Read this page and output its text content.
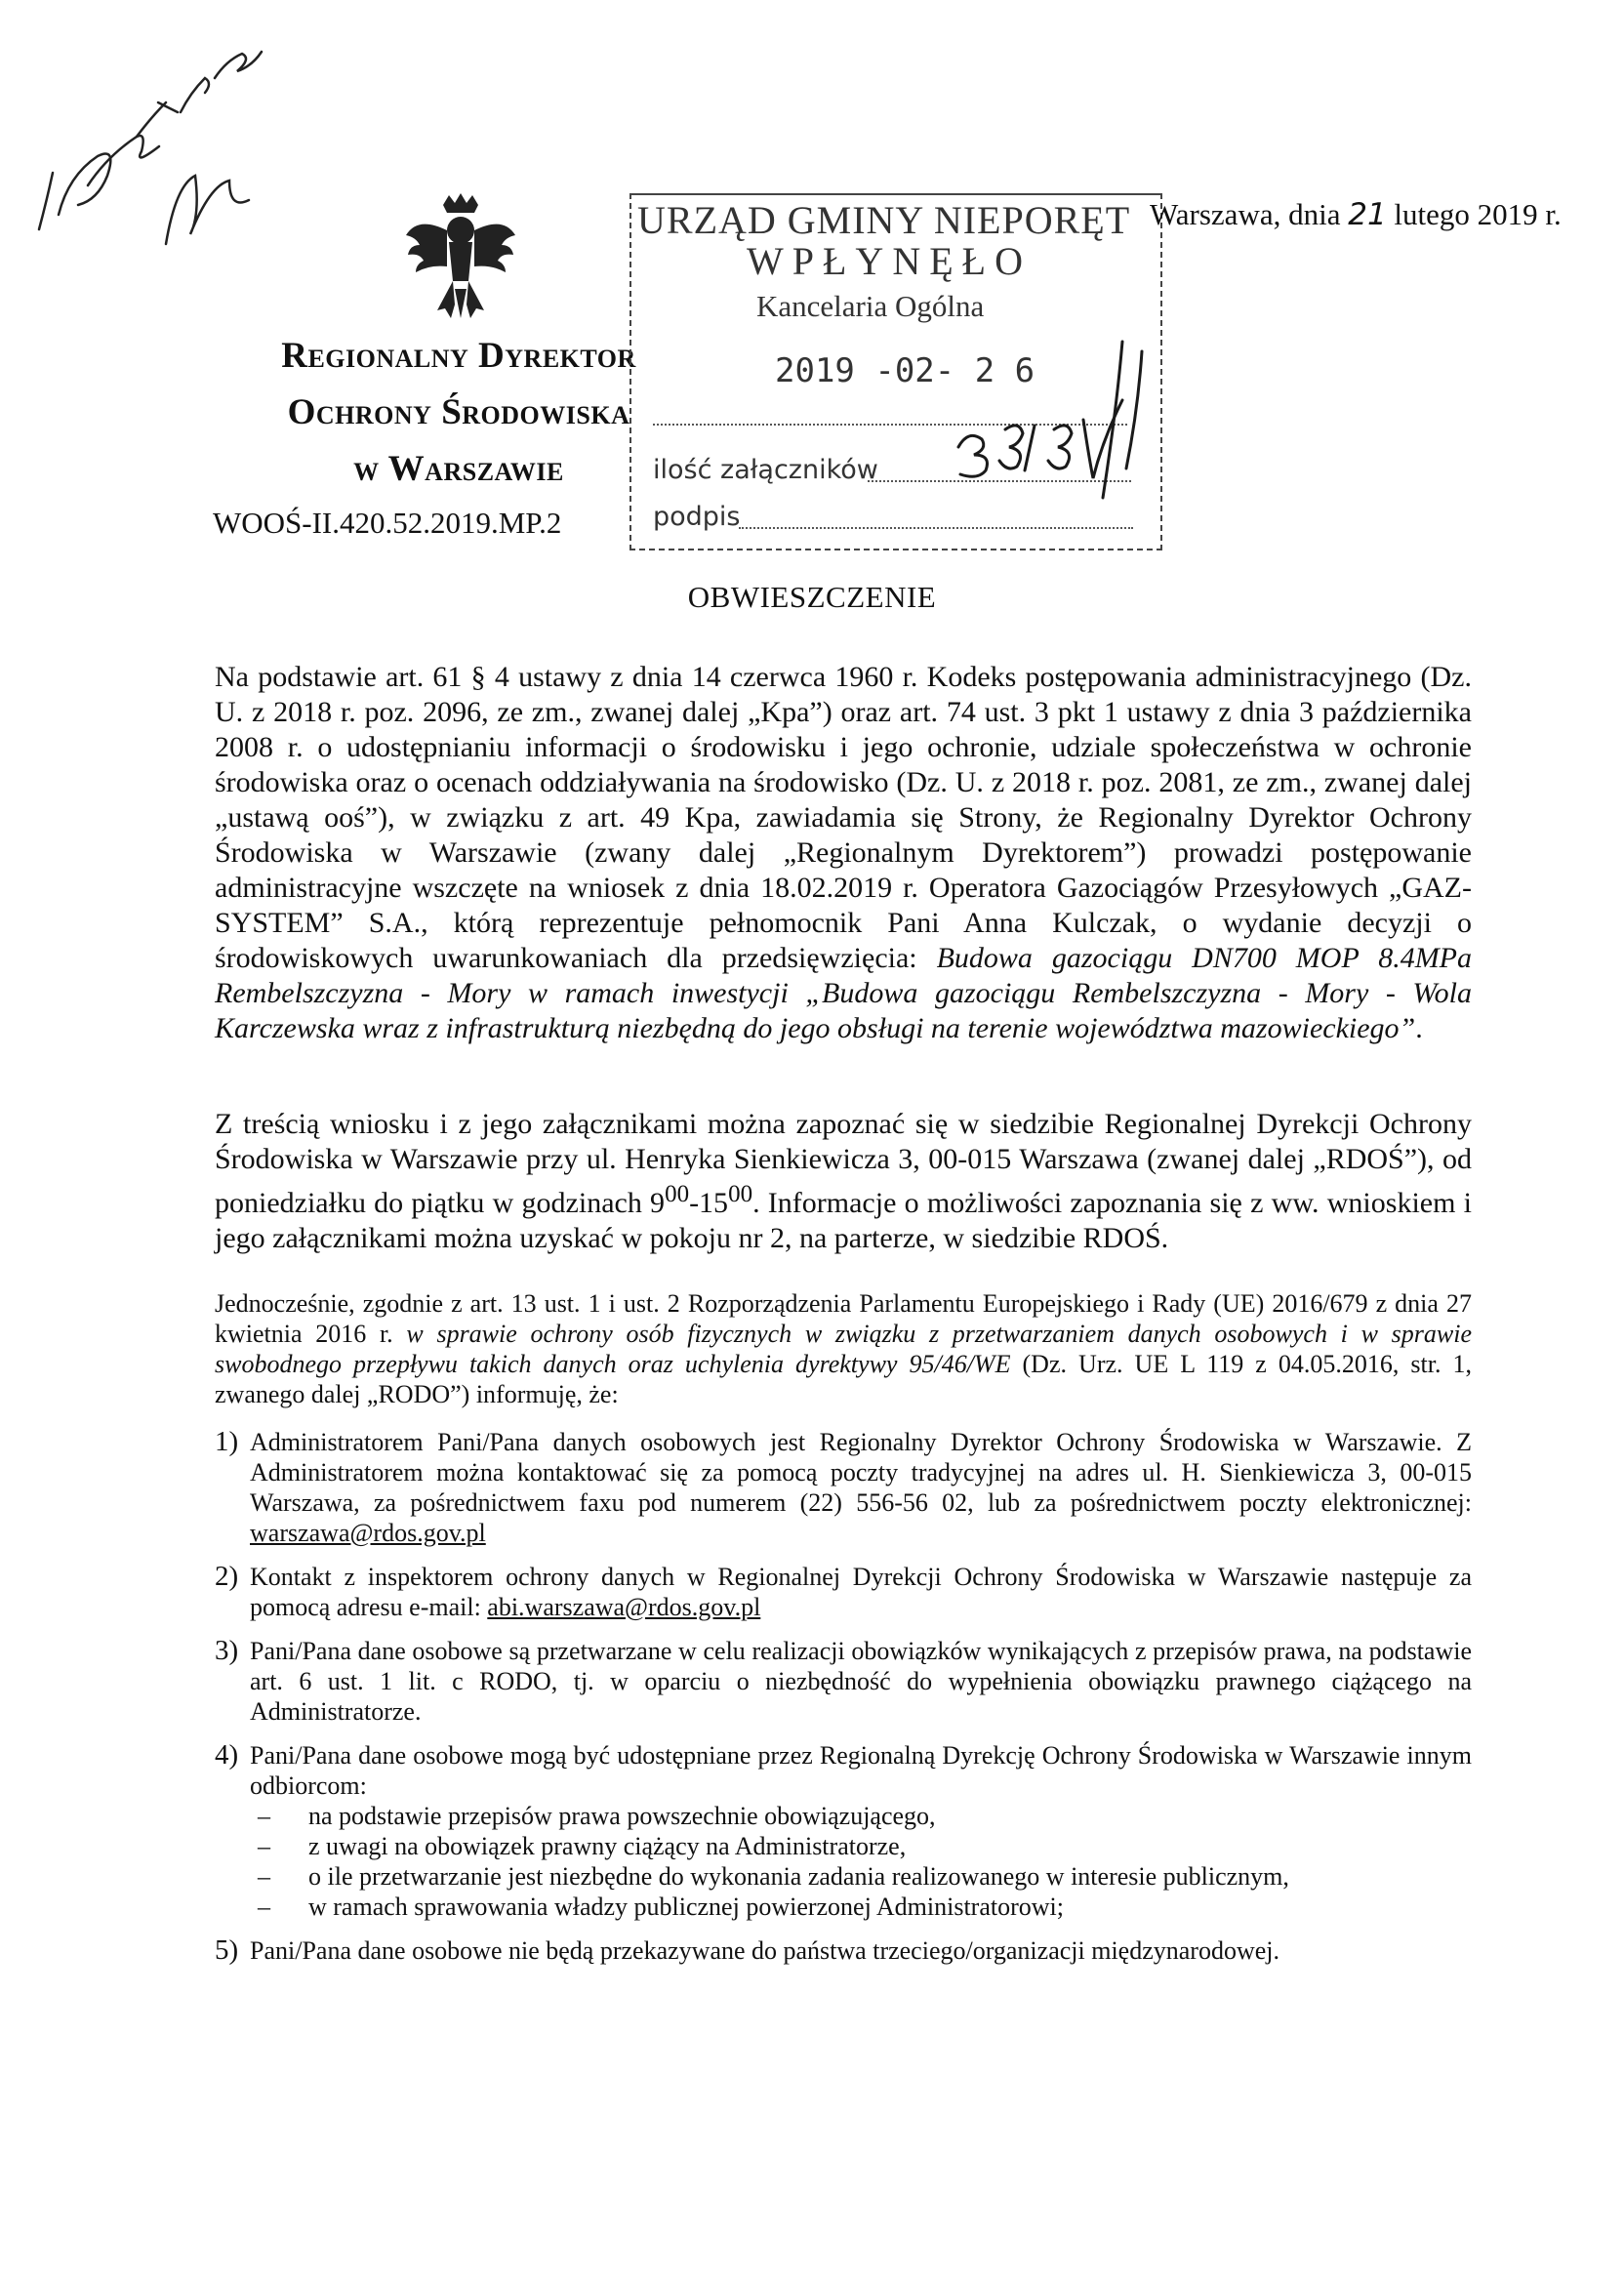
1. Dezydł + PI + GR
Regionalny Dyrektor
Ochrony Środowiska
w Warszawie
WOOŚ-II.420.52.2019.MP.2
URZĄD GMINY NIEPORĘT
WPŁYNĘŁO
Kancelaria Ogólna
2019 -02- 2 6
ilość załączników
podpis
3818
Warszawa, dnia 21 lutego 2019 r.
OBWIESZCZENIE
Na podstawie art. 61 § 4 ustawy z dnia 14 czerwca 1960 r. Kodeks postępowania administracyjnego (Dz. U. z 2018 r. poz. 2096, ze zm., zwanej dalej „Kpa”) oraz art. 74 ust. 3 pkt 1 ustawy z dnia 3 października 2008 r. o udostępnianiu informacji o środowisku i jego ochronie, udziale społeczeństwa w ochronie środowiska oraz o ocenach oddziaływania na środowisko (Dz. U. z 2018 r. poz. 2081, ze zm., zwanej dalej „ustawą ooś”), w związku z art. 49 Kpa, zawiadamia się Strony, że Regionalny Dyrektor Ochrony Środowiska w Warszawie (zwany dalej „Regionalnym Dyrektorem”) prowadzi postępowanie administracyjne wszczęte na wniosek z dnia 18.02.2019 r. Operatora Gazociągów Przesyłowych „GAZ-SYSTEM” S.A., którą reprezentuje pełnomocnik Pani Anna Kulczak, o wydanie decyzji o środowiskowych uwarunkowaniach dla przedsięwzięcia: Budowa gazociągu DN700 MOP 8.4MPa Rembelszczyzna - Mory w ramach inwestycji „Budowa gazociągu Rembelszczyzna - Mory - Wola Karczewska wraz z infrastrukturą niezbędną do jego obsługi na terenie województwa mazowieckiego”.
Z treścią wniosku i z jego załącznikami można zapoznać się w siedzibie Regionalnej Dyrekcji Ochrony Środowiska w Warszawie przy ul. Henryka Sienkiewicza 3, 00-015 Warszawa (zwanej dalej „RDOŚ”), od poniedziałku do piątku w godzinach $9^{00}-15^{00}$. Informacje o możliwości zapoznania się z ww. wnioskiem i jego załącznikami można uzyskać w pokoju nr 2, na parterze, w siedzibie RDOŚ.
Jednocześnie, zgodnie z art. 13 ust. 1 i ust. 2 Rozporządzenia Parlamentu Europejskiego i Rady (UE) 2016/679 z dnia 27 kwietnia 2016 r. w sprawie ochrony osób fizycznych w związku z przetwarzaniem danych osobowych i w sprawie swobodnego przepływu takich danych oraz uchylenia dyrektywy 95/46/WE (Dz. Urz. UE L 119 z 04.05.2016, str. 1, zwanego dalej „RODO”) informuję, że:
1) Administratorem Pani/Pana danych osobowych jest Regionalny Dyrektor Ochrony Środowiska w Warszawie. Z Administratorem można kontaktować się za pomocą poczty tradycyjnej na adres ul. H. Sienkiewicza 3, 00-015 Warszawa, za pośrednictwem faxu pod numerem (22) 556-56 02, lub za pośrednictwem poczty elektronicznej: warszawa@rdos.gov.pl
2) Kontakt z inspektorem ochrony danych w Regionalnej Dyrekcji Ochrony Środowiska w Warszawie następuje za pomocą adresu e-mail: abi.warszawa@rdos.gov.pl
3) Pani/Pana dane osobowe są przetwarzane w celu realizacji obowiązków wynikających z przepisów prawa, na podstawie art. 6 ust. 1 lit. c RODO, tj. w oparciu o niezbędność do wypełnienia obowiązku prawnego ciążącego na Administratorze.
4) Pani/Pana dane osobowe mogą być udostępniane przez Regionalną Dyrekcję Ochrony Środowiska w Warszawie innym odbiorcom:
–	na podstawie przepisów prawa powszechnie obowiązującego,
–	z uwagi na obowiązek prawny ciążący na Administratorze,
–	o ile przetwarzanie jest niezbędne do wykonania zadania realizowanego w interesie publicznym,
–	w ramach sprawowania władzy publicznej powierzonej Administratorowi;
5) Pani/Pana dane osobowe nie będą przekazywane do państwa trzeciego/organizacji międzynarodowej.
